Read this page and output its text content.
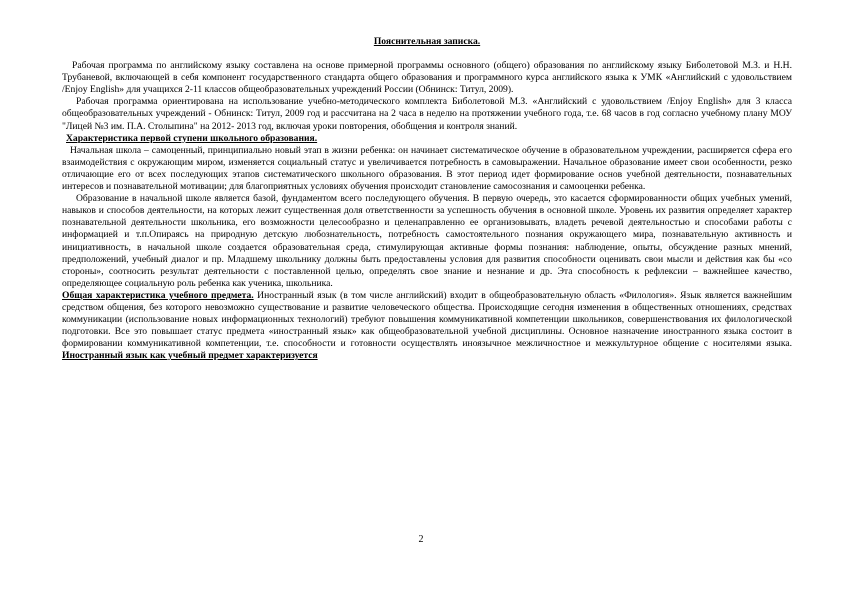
Пояснительная записка.

Рабочая программа по английскому языку составлена на основе примерной программы основного (общего) образования по английскому языку Биболетовой М.З. и Н.Н. Трубаневой, включающей в себя компонент государственного стандарта общего образования и программного курса английского языка к УМК «Английский с удовольствием /Enjoy English» для учащихся 2-11 классов общеобразовательных учреждений России (Обнинск: Титул, 2009).

Рабочая программа ориентирована на использование учебно-методического комплекта Биболетовой М.З. «Английский с удовольствием /Enjoy English» для 3 класса общеобразовательных учреждений - Обнинск: Титул, 2009 год и рассчитана на 2 часа в неделю на протяжении учебного года, т.е. 68 часов в год согласно учебному плану МОУ "Лицей №3 им. П.А. Столыпина" на 2012- 2013 год, включая уроки повторения, обобщения и контроля знаний.

Характеристика первой ступени школьного образования.

Начальная школа – самоценный, принципиально новый этап в жизни ребенка: он начинает систематическое обучение в образовательном учреждении, расширяется сфера его взаимодействия с окружающим миром, изменяется социальный статус и увеличивается потребность в самовыражении. Начальное образование имеет свои особенности, резко отличающие его от всех последующих этапов систематического школьного образования. В этот период идет формирование основ учебной деятельности, познавательных интересов и познавательной мотивации; для благоприятных условиях обучения происходит становление самосознания и самооценки ребенка.

Образование в начальной школе является базой, фундаментом всего последующего обучения. В первую очередь, это касается сформированности общих учебных умений, навыков и способов деятельности, на которых лежит существенная доля ответственности за успешность обучения в основной школе. Уровень их развития определяет характер познавательной деятельности школьника, его возможности целесообразно и целенаправленно ее организовывать, владеть речевой деятельностью и способами работы с информацией и т.п.Опираясь на природную детскую любознательность, потребность самостоятельного познания окружающего мира, познавательную активность и инициативность, в начальной школе создается образовательная среда, стимулирующая активные формы познания: наблюдение, опыты, обсуждение разных мнений, предположений, учебный диалог и пр. Младшему школьнику должны быть предоставлены условия для развития способности оценивать свои мысли и действия как бы «со стороны», соотносить результат деятельности с поставленной целью, определять свое знание и незнание и др. Эта способность к рефлексии – важнейшее качество, определяющее социальную роль ребенка как ученика, школьника.

Общая характеристика учебного предмета. Иностранный язык (в том числе английский) входит в общеобразовательную область «Филология». Язык является важнейшим средством общения, без которого невозможно существование и развитие человеческого общества. Происходящие сегодня изменения в общественных отношениях, средствах коммуникации (использование новых информационных технологий) требуют повышения коммуникативной компетенции школьников, совершенствования их филологической подготовки. Все это повышает статус предмета «иностранный язык» как общеобразовательной учебной дисциплины. Основное назначение иностранного языка состоит в формировании коммуникативной компетенции, т.е. способности и готовности осуществлять иноязычное межличностное и межкультурное общение с носителями языка. Иностранный язык как учебный предмет характеризуется

2
